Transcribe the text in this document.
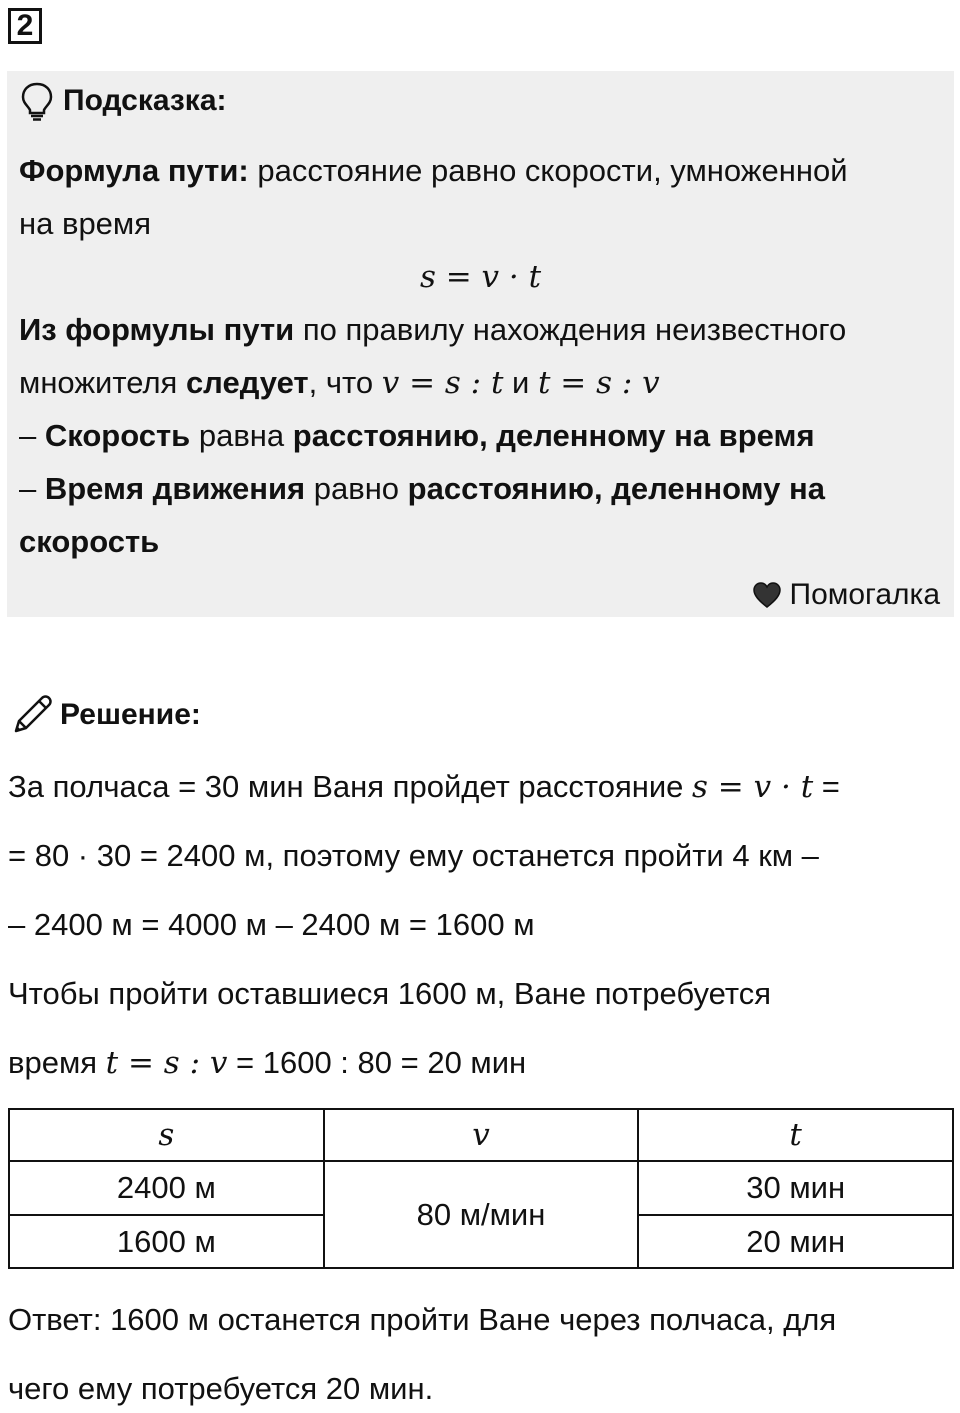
2
Подсказка:
Формула пути: расстояние равно скорости, умноженной
на время
s = v · t
Из формулы пути по правилу нахождения неизвестного
множителя следует, что v = s : t и t = s : v
– Скорость равна расстоянию, деленному на время
– Время движения равно расстоянию, деленному на
скорость
Помогалка
Решение:
За полчаса = 30 мин Ваня пройдет расстояние s = v · t =
= 80 · 30 = 2400 м, поэтому ему останется пройти 4 км –
– 2400 м = 4000 м – 2400 м = 1600 м
Чтобы пройти оставшиеся 1600 м, Ване потребуется
время t = s : v = 1600 : 80 = 20 мин
s	v	t
2400 м	80 м/мин	30 мин
1600 м		20 мин
Ответ: 1600 м останется пройти Ване через полчаса, для
чего ему потребуется 20 мин.
